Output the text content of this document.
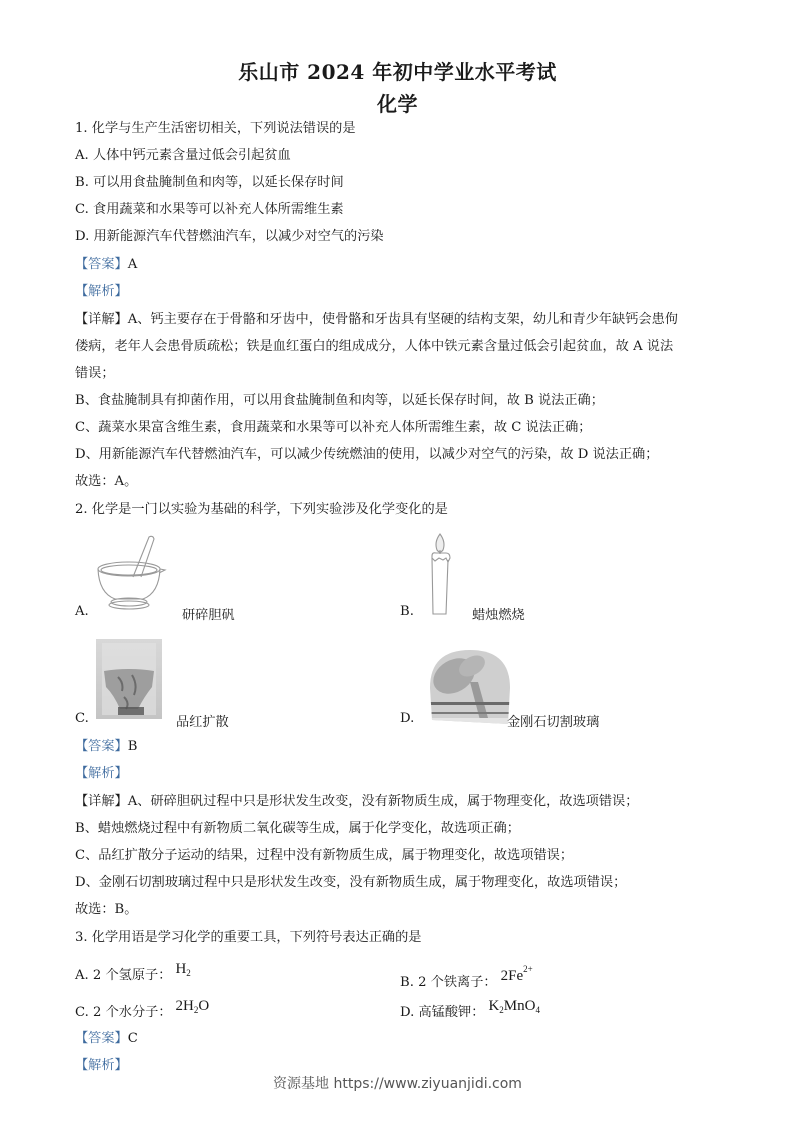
乐山市 2024 年初中学业水平考试
化学
1. 化学与生产生活密切相关，下列说法错误的是
A. 人体中钙元素含量过低会引起贫血
B. 可以用食盐腌制鱼和肉等，以延长保存时间
C. 食用蔬菜和水果等可以补充人体所需维生素
D. 用新能源汽车代替燃油汽车，以减少对空气的污染
【答案】A
【解析】
【详解】A、钙主要存在于骨骼和牙齿中，使骨骼和牙齿具有坚硬的结构支架，幼儿和青少年缺钙会患佝
偻病，老年人会患骨质疏松；铁是血红蛋白的组成成分，人体中铁元素含量过低会引起贫血，故 A 说法
错误；
B、食盐腌制具有抑菌作用，可以用食盐腌制鱼和肉等，以延长保存时间，故 B 说法正确；
C、蔬菜水果富含维生素，食用蔬菜和水果等可以补充人体所需维生素，故 C 说法正确；
D、用新能源汽车代替燃油汽车，可以减少传统燃油的使用，以减少对空气的污染，故 D 说法正确；
故选：A。
2. 化学是一门以实验为基础的科学，下列实验涉及化学变化的是
A.	研碎胆矾	B.	蜡烛燃烧
C.	品红扩散	D.	金刚石切割玻璃
【答案】B
【解析】
【详解】A、研碎胆矾过程中只是形状发生改变，没有新物质生成，属于物理变化，故选项错误；
B、蜡烛燃烧过程中有新物质二氧化碳等生成，属于化学变化，故选项正确；
C、品红扩散分子运动的结果，过程中没有新物质生成，属于物理变化，故选项错误；
D、金刚石切割玻璃过程中只是形状发生改变，没有新物质生成，属于物理变化，故选项错误；
故选：B。
3. 化学用语是学习化学的重要工具，下列符号表达正确的是
A. 2 个氢原子： $H_2$
B. 2 个铁离子： $2Fe^{2+}$
C. 2 个水分子： $2H_2O$	D. 高锰酸钾： $K_2MnO_4$
【答案】C
【解析】
资源基地 https://www.ziyuanjidi.com
